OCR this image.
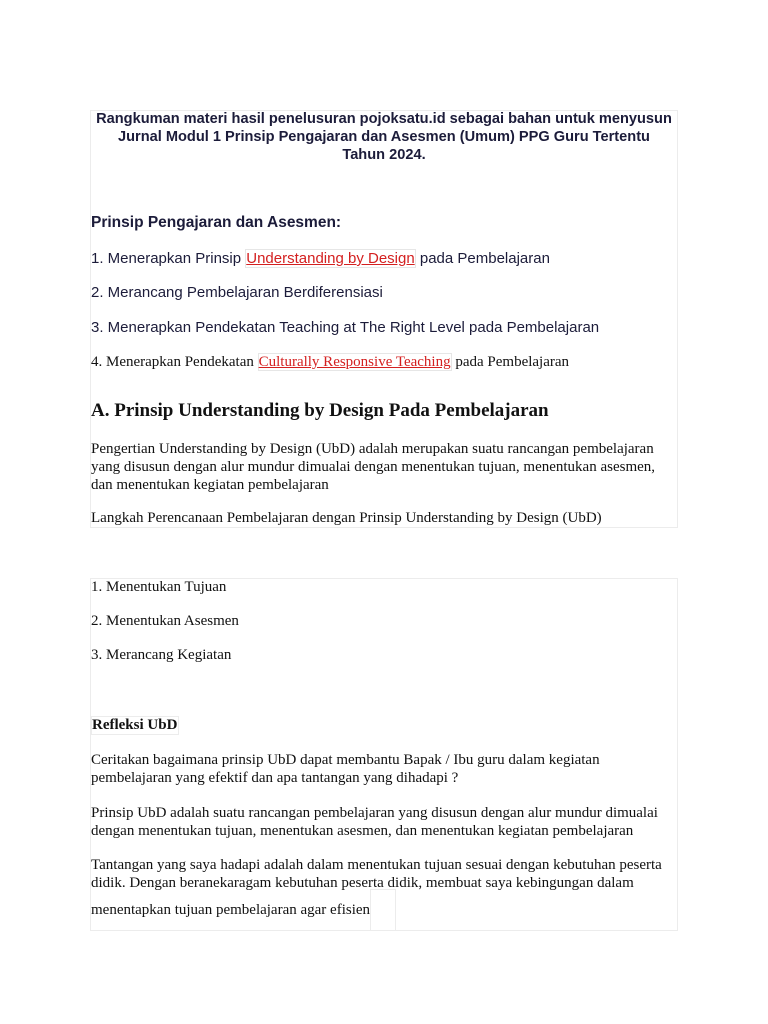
Rangkuman materi hasil penelusuran pojoksatu.id sebagai bahan untuk menyusun Jurnal Modul 1 Prinsip Pengajaran dan Asesmen (Umum) PPG Guru Tertentu Tahun 2024.

Prinsip Pengajaran dan Asesmen:

1. Menerapkan Prinsip Understanding by Design pada Pembelajaran

2. Merancang Pembelajaran Berdiferensiasi

3. Menerapkan Pendekatan Teaching at The Right Level pada Pembelajaran

4. Menerapkan Pendekatan Culturally Responsive Teaching pada Pembelajaran

A. Prinsip Understanding by Design Pada Pembelajaran

Pengertian Understanding by Design (UbD) adalah merupakan suatu rancangan pembelajaran yang disusun dengan alur mundur dimualai dengan menentukan tujuan, menentukan asesmen, dan menentukan kegiatan pembelajaran

Langkah Perencanaan Pembelajaran dengan Prinsip Understanding by Design (UbD)

1. Menentukan Tujuan

2. Menentukan Asesmen

3. Merancang Kegiatan

Refleksi UbD

Ceritakan bagaimana prinsip UbD dapat membantu Bapak / Ibu guru dalam kegiatan pembelajaran yang efektif dan apa tantangan yang dihadapi ?

Prinsip UbD adalah suatu rancangan pembelajaran yang disusun dengan alur mundur dimualai dengan menentukan tujuan, menentukan asesmen, dan menentukan kegiatan pembelajaran

Tantangan yang saya hadapi adalah dalam menentukan tujuan sesuai dengan kebutuhan peserta didik. Dengan beranekaragam kebutuhan peserta didik, membuat saya kebingungan dalam

menentapkan tujuan pembelajaran agar efisien
